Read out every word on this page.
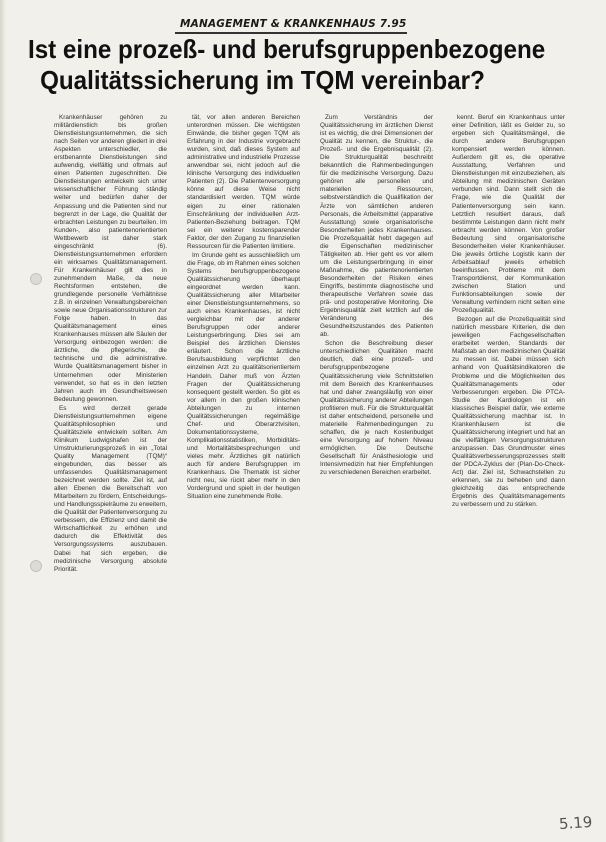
MANAGEMENT & KRANKENHAUS 7.95
Ist eine prozeß- und berufsgruppenbezogene
Qualitätssicherung im TQM vereinbar?

Krankenhäuser gehören zu militärdienstlich bis großen Dienstleistungsunternehmen, die sich nach Seiten vor anderen gliedert in drei Aspekten unterschiedler, die erstbenannte Dienstleistungen sind aufwendig, vielfältig und oftmals auf einen Patienten zugeschnitten. Die Dienstleistungen entwickeln sich unter wissenschaftlicher Führung ständig weiter und bedürfen daher der Anpassung und die Patienten sind nur begrenzt in der Lage, die Qualität der erbrachten Leistungen zu beurteilen. Im Kunden-, also patientenorientierten Wettbewerb ist daher stark eingeschränkt (6). Dienstleistungsunternehmen erfordern ein wirksames Qualitätsmanagement. Für Krankenhäuser gilt dies in zunehmendem Maße, da neue Rechtsformen entstehen, die grundlegende personelle Verhältnisse z.B. in einzelnen Verwaltungsbereichen sowie neue Organisationsstrukturen zur Folge haben. In das Qualitätsmanagement eines Krankenhauses müssen alle Säulen der Versorgung einbezogen werden: die ärztliche, die pflegerische, die technische und die administrative. Wurde Qualitätsmanagement bisher in Unternehmen oder Ministerien verwendet, so hat es in den letzten Jahren auch im Gesundheitswesen Bedeutung gewonnen.

Es wird derzeit gerade Dienstleistungsunternehmen eigene Qualitätsphilosophien und Qualitätsziele entwickeln sollten. Am Klinikum Ludwigshafen ist der Umstrukturierungsprozeß in ein „Total Quality Management (TQM)“ eingebunden, das besser als umfassendes Qualitätsmanagement bezeichnet werden sollte. Ziel ist, auf allen Ebenen die Bereitschaft von Mitarbeitern zu fördern, Entscheidungs- und Handlungsspielräume zu erweitern, die Qualität der Patientenversorgung zu verbessern, die Effizienz und damit die Wirtschaftlichkeit zu erhöhen und dadurch die Effektivität des Versorgungssystems auszubauen. Dabei hat sich ergeben, die medizinische Versorgung absolute Priorität.

tät, vor allen anderen Bereichen unterordnen müssen. Die wichtigsten Einwände, die bisher gegen TQM als Erfahrung in der Industrie vorgebracht wurden, sind, daß dieses System auf administrative und industrielle Prozesse anwendbar sei, nicht jedoch auf die klinische Versorgung des individuellen Patienten (2). Die Patientenversorgung könne auf diese Weise nicht standardisiert werden. TQM würde eigen zu einer rationalen Einschränkung der individuellen Arzt-Patienten-Beziehung beitragen. TQM sei ein weiterer kostensparender Faktor, der den Zugang zu finanziellen Ressourcen für die Patienten limitiere.

Im Grunde geht es ausschließlich um die Frage, ob im Rahmen eines solchen Systems berufsgruppenbezogene Qualitätssicherung überhaupt eingeordnet werden kann. Qualitätssicherung aller Mitarbeiter einer Dienstleistungsunternehmens, so auch eines Krankenhauses, ist nicht vergleichbar mit der anderer Berufsgruppen oder anderer Leistungserbringung. Dies sei am Beispiel des ärztlichen Dienstes erläutert. Schon die ärztliche Berufsausbildung verpflichtet den einzelnen Arzt zu qualitätsorientiertem Handeln. Daher muß von Ärzten Fragen der Qualitätssicherung konsequent gestellt werden. So gibt es vor allem in den großen klinischen Abteilungen zu internen Qualitätssicherungen regelmäßige Chef- und Oberarztvisiten, Dokumentationssysteme, Komplikationsstatistiken, Morbiditäts- und Mortalitätsbesprechungen und vieles mehr. Ärztliches gilt natürlich auch für andere Berufsgruppen im Krankenhaus. Die Thematik ist sicher nicht neu, sie rückt aber mehr in den Vordergrund und spielt in der heutigen Situation eine zunehmende Rolle.

Zum Verständnis der Qualitätssicherung im ärztlichen Dienst ist es wichtig, die drei Dimensionen der Qualität zu kennen, die Struktur-, die Prozeß- und die Ergebnisqualität (2). Die Strukturqualität beschreibt bekanntlich die Rahmenbedingungen für die medizinische Versorgung. Dazu gehören alle personellen und materiellen Ressourcen, selbstverständlich die Qualifikation der Ärzte von sämtlichen anderen Personals, die Arbeitsmittel (apparative Ausstattung) sowie organisatorische Besonderheiten jedes Krankenhauses. Die Prozeßqualität hebt dagegen auf die Eigenschaften medizinischer Tätigkeiten ab. Hier geht es vor allem um die Leistungserbringung in einer Maßnahme, die patientenorientierten Besonderheiten der Risiken eines Eingriffs, bestimmte diagnostische und therapeutische Verfahren sowie das prä- und postoperative Monitoring. Die Ergebnisqualität zielt letztlich auf die Veränderung des Gesundheitszustandes des Patienten ab.

Schon die Beschreibung dieser unterschiedlichen Qualitäten macht deutlich, daß eine prozeß- und berufsgruppenbezogene Qualitätssicherung viele Schnittstellen mit dem Bereich des Krankenhauses hat und daher zwangsläufig von einer Qualitätssicherung anderer Abteilungen profitieren muß. Für die Strukturqualität ist daher entscheidend, personelle und materielle Rahmenbedingungen zu schaffen, die je nach Kostenbudget eine Versorgung auf hohem Niveau ermöglichen. Die Deutsche Gesellschaft für Anästhesiologie und Intensivmedizin hat hier Empfehlungen zu verschiedenen Bereichen erarbeitet.

kennt. Beruf ein Krankenhaus unter einer Definition, läßt es Gelder zu, so ergeben sich Qualitätsmängel, die durch andere Berufsgruppen kompensiert werden können. Außerdem gilt es, die operative Ausstattung, Verfahren und Dienstleistungen mit einzubeziehen, als Abteilung mit medizinischen Geräten verbunden sind. Dann stellt sich die Frage, wie die Qualität der Patientenversorgung sein kann. Letztlich resultiert daraus, daß bestimmte Leistungen dann nicht mehr erbracht werden können. Von großer Bedeutung sind organisatorische Besonderheiten vieler Krankenhäuser. Die jeweils örtliche Logistik kann der Arbeitsablauf jeweils erheblich beeinflussen. Probleme mit dem Transportdienst, der Kommunikation zwischen Station und Funktionsabteilungen sowie der Verwaltung verhindern nicht selten eine Prozeßqualität.

Bezogen auf die Prozeßqualität sind natürlich messbare Kriterien, die den jeweiligen Fachgesellschaften erarbeitet werden, Standards der Maßstab an den medizinischen Qualität zu messen ist. Dabei müssen sich anhand von Qualitätsindikatoren die Probleme und die Möglichkeiten des Qualitätsmanagements oder Verbesserungen ergeben. Die PTCA-Studie der Kardiologen ist ein klassisches Beispiel dafür, wie externe Qualitätssicherung machbar ist. In Krankenhäusern ist die Qualitätssicherung integriert und hat an die vielfältigen Versorgungsstrukturen anzupassen. Das Grundmuster eines Qualitätsverbesserungsprozesses stellt der PDCA-Zyklus der (Plan-Do-Check-Act) dar. Ziel ist, Schwachstellen zu erkennen, sie zu beheben und dann gleichzeitig das entsprechende Ergebnis des Qualitätsmanagements zu verbessern und zu stärken.

5.19
